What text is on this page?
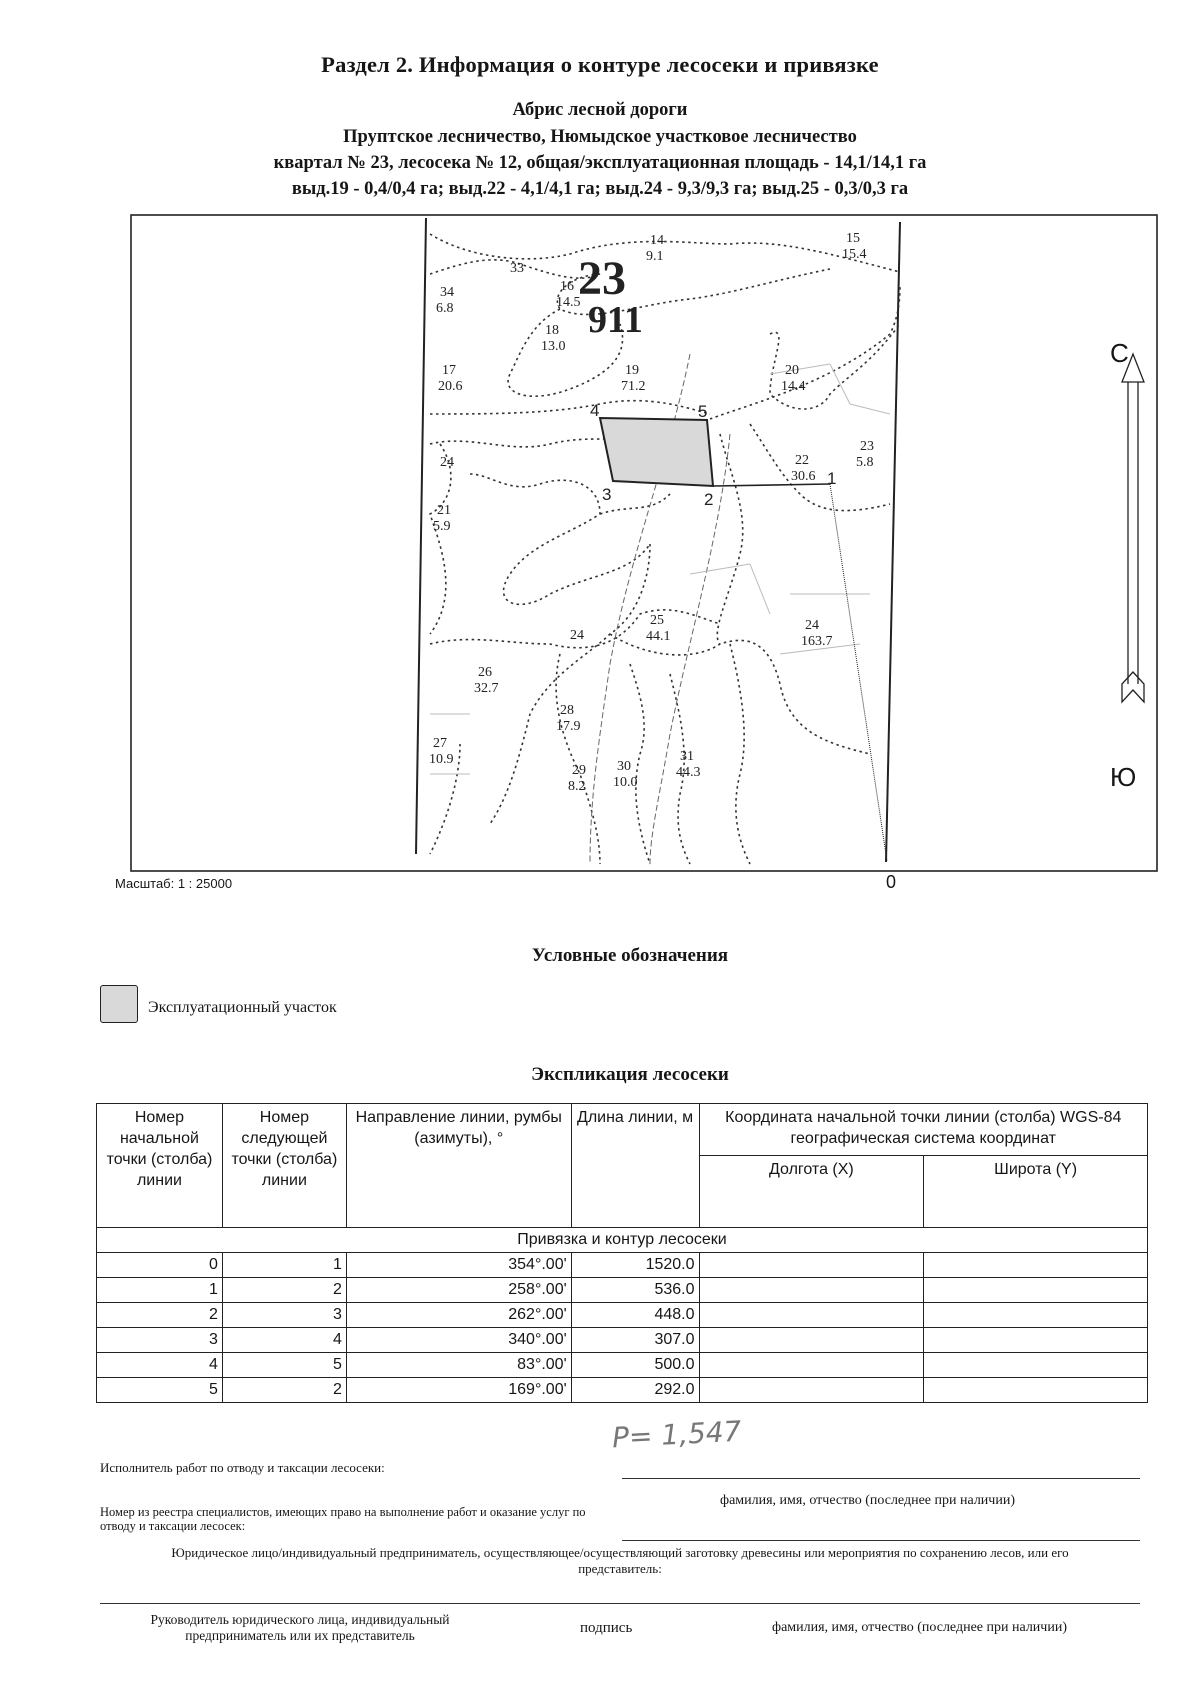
Раздел 2. Информация о контуре лесосеки и привязке
Абрис лесной дороги
Пруптское лесничество, Нюмыдское участковое лесничество
квартал № 23, лесосека № 12, общая/эксплуатационная площадь - 14,1/14,1 га
выд.19 - 0,4/0,4 га; выд.22 - 4,1/4,1 га; выд.24 - 9,3/9,3 га; выд.25 - 0,3/0,3 га
23
911
1
2
3
4	5
14
9.1
15
15.4
33
34
6.8
16
14.5
18
13.0
17
20.6
19
71.2
20
14.4
23
5.8
22
30.6
24
21
5.9
25
44.1
24
163.7
24
26
32.7
28
17.9
27
10.9
29
8.2
30
10.0
31
44.3
С
Ю
0
Масштаб: 1 : 25000
Условные обозначения
Эксплуатационный участок
Экспликация лесосеки
Номер начальной точки (столба) линии	Номер следующей точки (столба) линии	Направление линии, румбы (азимуты), °	Длина линии, м	Координата начальной точки линии (столба) WGS-84 географическая система координат	
				Долгота (X)	Широта (Y)
Привязка и контур лесосеки					
0	1	354°.00'	1520.0		
1	2	258°.00'	536.0		
2	3	262°.00'	448.0		
3	4	340°.00'	307.0		
4	5	83°.00'	500.0		
5	2	169°.00'	292.0		
P= 1,547
Исполнитель работ по отводу и таксации лесосеки:
фамилия, имя, отчество (последнее при наличии)
Номер из реестра специалистов, имеющих право на выполнение работ и оказание услуг по отводу и таксации лесосек:
Юридическое лицо/индивидуальный предприниматель, осуществляющее/осуществляющий заготовку древесины или мероприятия по сохранению лесов, или его представитель:
Руководитель юридического лица, индивидуальный предприниматель или их представитель	подпись	фамилия, имя, отчество (последнее при наличии)
